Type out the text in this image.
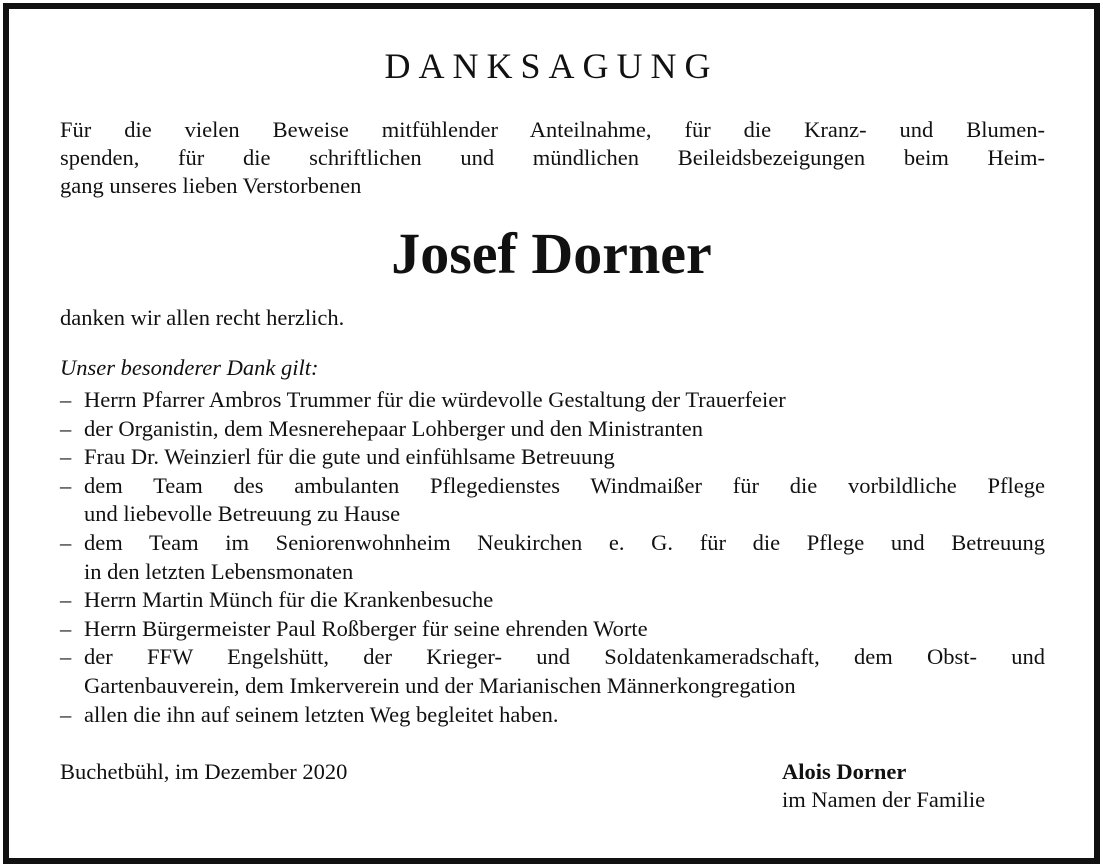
DANKSAGUNG

Für die vielen Beweise mitfühlender Anteilnahme, für die Kranz- und Blumen-
spenden, für die schriftlichen und mündlichen Beileidsbezeigungen beim Heim-
gang unseres lieben Verstorbenen

Josef Dorner
danken wir allen recht herzlich.
Unser besonderer Dank gilt:
– Herrn Pfarrer Ambros Trummer für die würdevolle Gestaltung der Trauerfeier
– der Organistin, dem Mesnerehepaar Lohberger und den Ministranten
– Frau Dr. Weinzierl für die gute und einfühlsame Betreuung
– dem Team des ambulanten Pflegedienstes Windmaißer für die vorbildliche Pflege
und liebevolle Betreuung zu Hause
– dem Team im Seniorenwohnheim Neukirchen e. G. für die Pflege und Betreuung
in den letzten Lebensmonaten
– Herrn Martin Münch für die Krankenbesuche
– Herrn Bürgermeister Paul Roßberger für seine ehrenden Worte
– der FFW Engelshütt, der Krieger- und Soldatenkameradschaft, dem Obst- und
Gartenbauverein, dem Imkerverein und der Marianischen Männerkongregation
– allen die ihn auf seinem letzten Weg begleitet haben.
Buchetbühl, im Dezember 2020	Alois Dorner
im Namen der Familie
